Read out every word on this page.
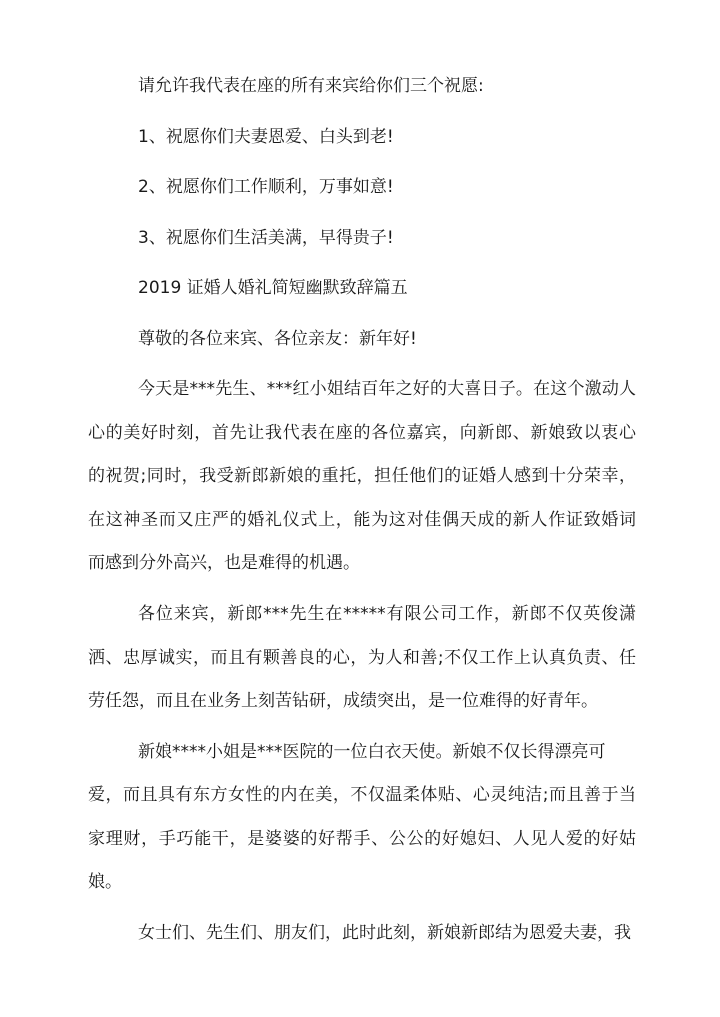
请允许我代表在座的所有来宾给你们三个祝愿:

1、祝愿你们夫妻恩爱、白头到老!

2、祝愿你们工作顺利，万事如意!

3、祝愿你们生活美满，早得贵子!

2019 证婚人婚礼简短幽默致辞篇五

尊敬的各位来宾、各位亲友：新年好!

今天是***先生、***红小姐结百年之好的大喜日子。在这个激动人

心的美好时刻，首先让我代表在座的各位嘉宾，向新郎、新娘致以衷心

的祝贺;同时，我受新郎新娘的重托，担任他们的证婚人感到十分荣幸，

在这神圣而又庄严的婚礼仪式上，能为这对佳偶天成的新人作证致婚词

而感到分外高兴，也是难得的机遇。

各位来宾，新郎***先生在*****有限公司工作，新郎不仅英俊潇

洒、忠厚诚实，而且有颗善良的心，为人和善;不仅工作上认真负责、任

劳任怨，而且在业务上刻苦钻研，成绩突出，是一位难得的好青年。

新娘****小姐是***医院的一位白衣天使。新娘不仅长得漂亮可

爱，而且具有东方女性的内在美，不仅温柔体贴、心灵纯洁;而且善于当

家理财，手巧能干，是婆婆的好帮手、公公的好媳妇、人见人爱的好姑

娘。

女士们、先生们、朋友们，此时此刻，新娘新郎结为恩爱夫妻，我
